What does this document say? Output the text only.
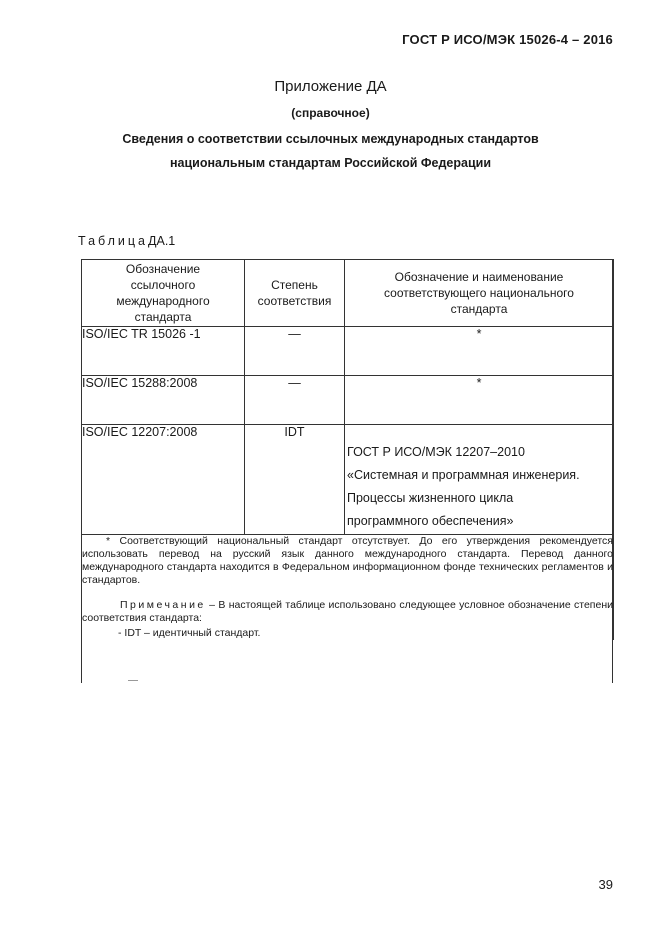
ГОСТ Р ИСО/МЭК 15026-4 – 2016
Приложение ДА
(справочное)
Сведения о соответствии ссылочных международных стандартов
национальным стандартам Российской Федерации
ТаблицаДА.1
Обозначение ссылочного международного стандарта	Степень соответствия	Обозначение и наименование соответствующего национального стандарта
ISO/IEC TR 15026 -1	—	*
ISO/IEC 15288:2008	—	*
ISO/IEC 12207:2008	IDT	ГОСТ Р ИСО/МЭК 12207–2010
«Системная и программная инженерия.
Процессы жизненного цикла
программного обеспечения»

* Соответствующий национальный стандарт отсутствует. До его утверждения рекомендуется использовать перевод на русский язык данного международного стандарта. Перевод данного международного стандарта находится в Федеральном информационном фонде технических регламентов и стандартов.

Примечание – В настоящей таблице использовано следующее условное обозначение степени соответствия стандарта:

- IDT – идентичный стандарт.		

39
